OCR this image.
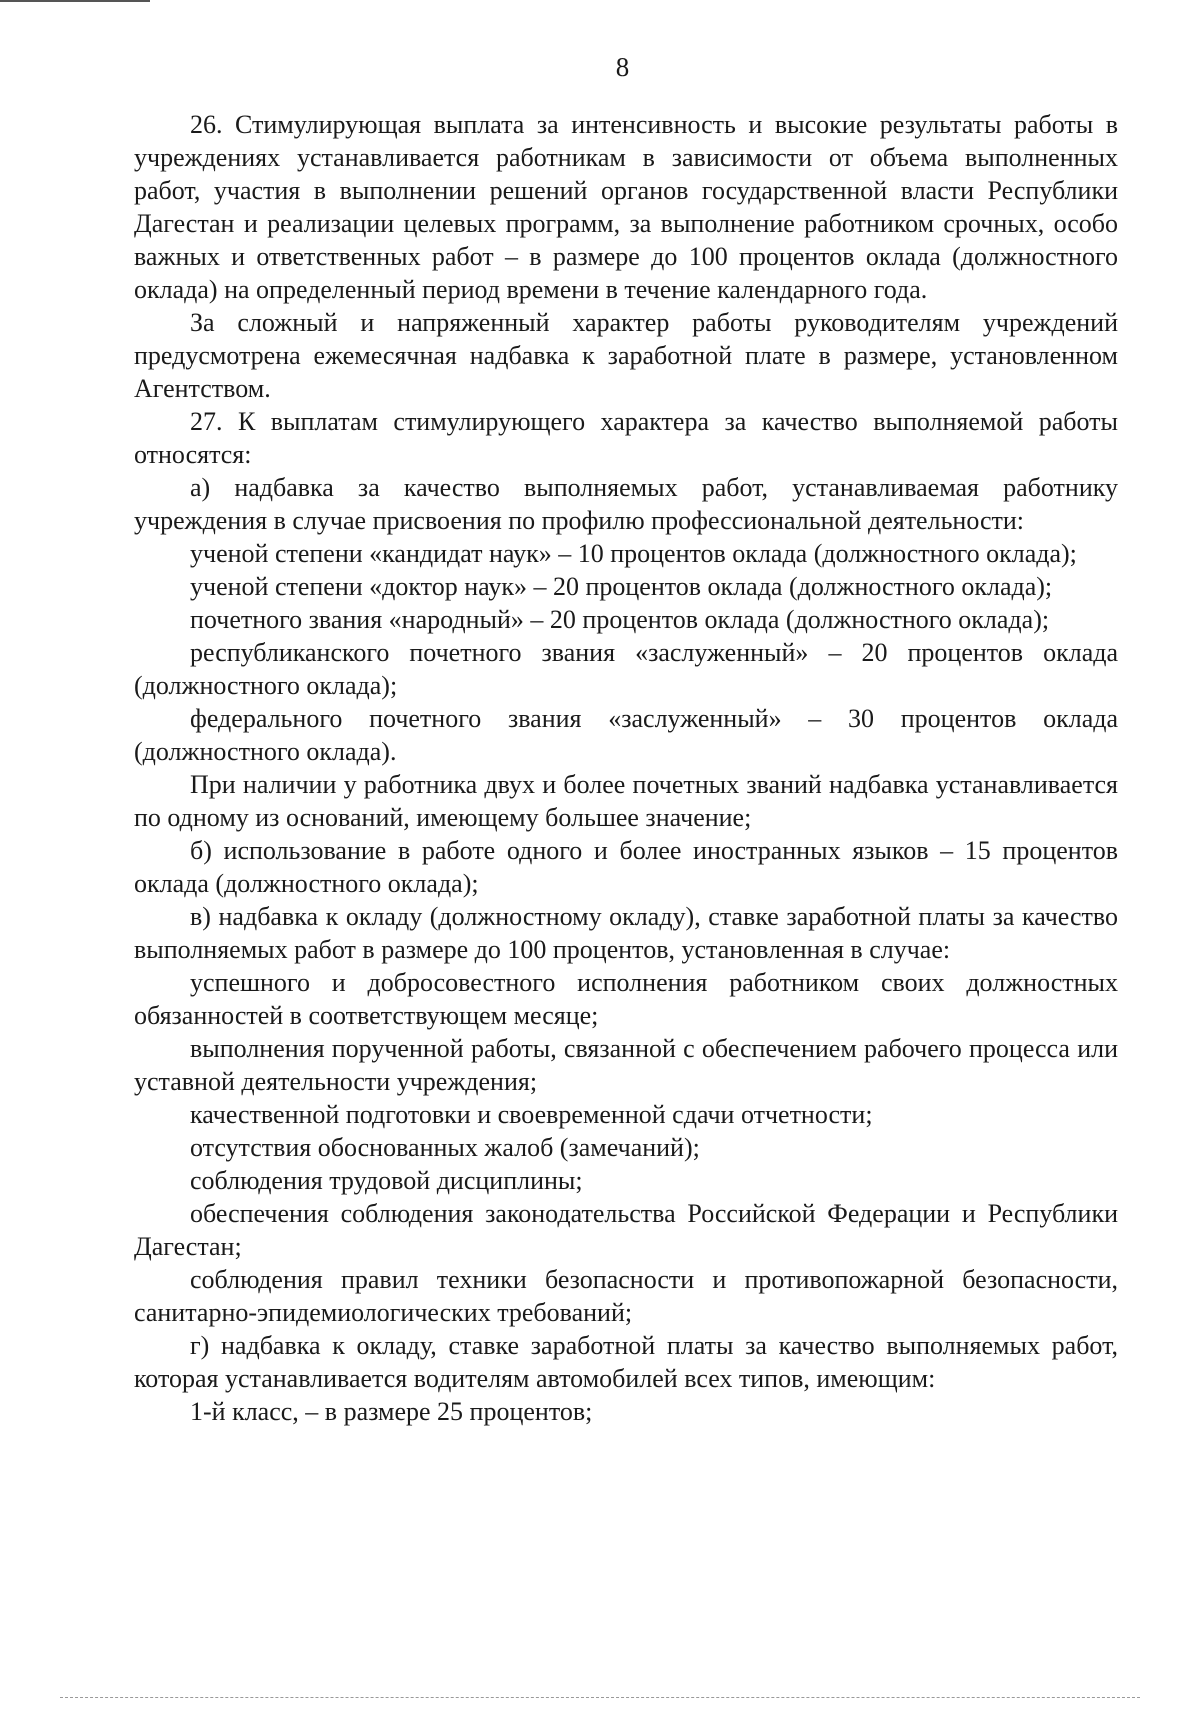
8

26. Стимулирующая выплата за интенсивность и высокие результаты работы в учреждениях устанавливается работникам в зависимости от объема выполненных работ, участия в выполнении решений органов государственной власти Республики Дагестан и реализации целевых программ, за выполнение работником срочных, особо важных и ответственных работ – в размере до 100 процентов оклада (должностного оклада) на определенный период времени в течение календарного года.

За сложный и напряженный характер работы руководителям учреждений предусмотрена ежемесячная надбавка к заработной плате в размере, установленном Агентством.

27. К выплатам стимулирующего характера за качество выполняемой работы относятся:

а) надбавка за качество выполняемых работ, устанавливаемая работнику учреждения в случае присвоения по профилю профессиональной деятельности:

ученой степени «кандидат наук» – 10 процентов оклада (должностного оклада);

ученой степени «доктор наук» – 20 процентов оклада (должностного оклада);

почетного звания «народный» – 20 процентов оклада (должностного оклада);

республиканского почетного звания «заслуженный» – 20 процентов оклада (должностного оклада);

федерального почетного звания «заслуженный» – 30 процентов оклада (должностного оклада).

При наличии у работника двух и более почетных званий надбавка устанавливается по одному из оснований, имеющему большее значение;

б) использование в работе одного и более иностранных языков – 15 процентов оклада (должностного оклада);

в) надбавка к окладу (должностному окладу), ставке заработной платы за качество выполняемых работ в размере до 100 процентов, установленная в случае:

успешного и добросовестного исполнения работником своих должностных обязанностей в соответствующем месяце;

выполнения порученной работы, связанной с обеспечением рабочего процесса или уставной деятельности учреждения;

качественной подготовки и своевременной сдачи отчетности;

отсутствия обоснованных жалоб (замечаний);

соблюдения трудовой дисциплины;

обеспечения соблюдения законодательства Российской Федерации и Республики Дагестан;

соблюдения правил техники безопасности и противопожарной безопасности, санитарно-эпидемиологических требований;

г) надбавка к окладу, ставке заработной платы за качество выполняемых работ, которая устанавливается водителям автомобилей всех типов, имеющим:

1-й класс, – в размере 25 процентов;
